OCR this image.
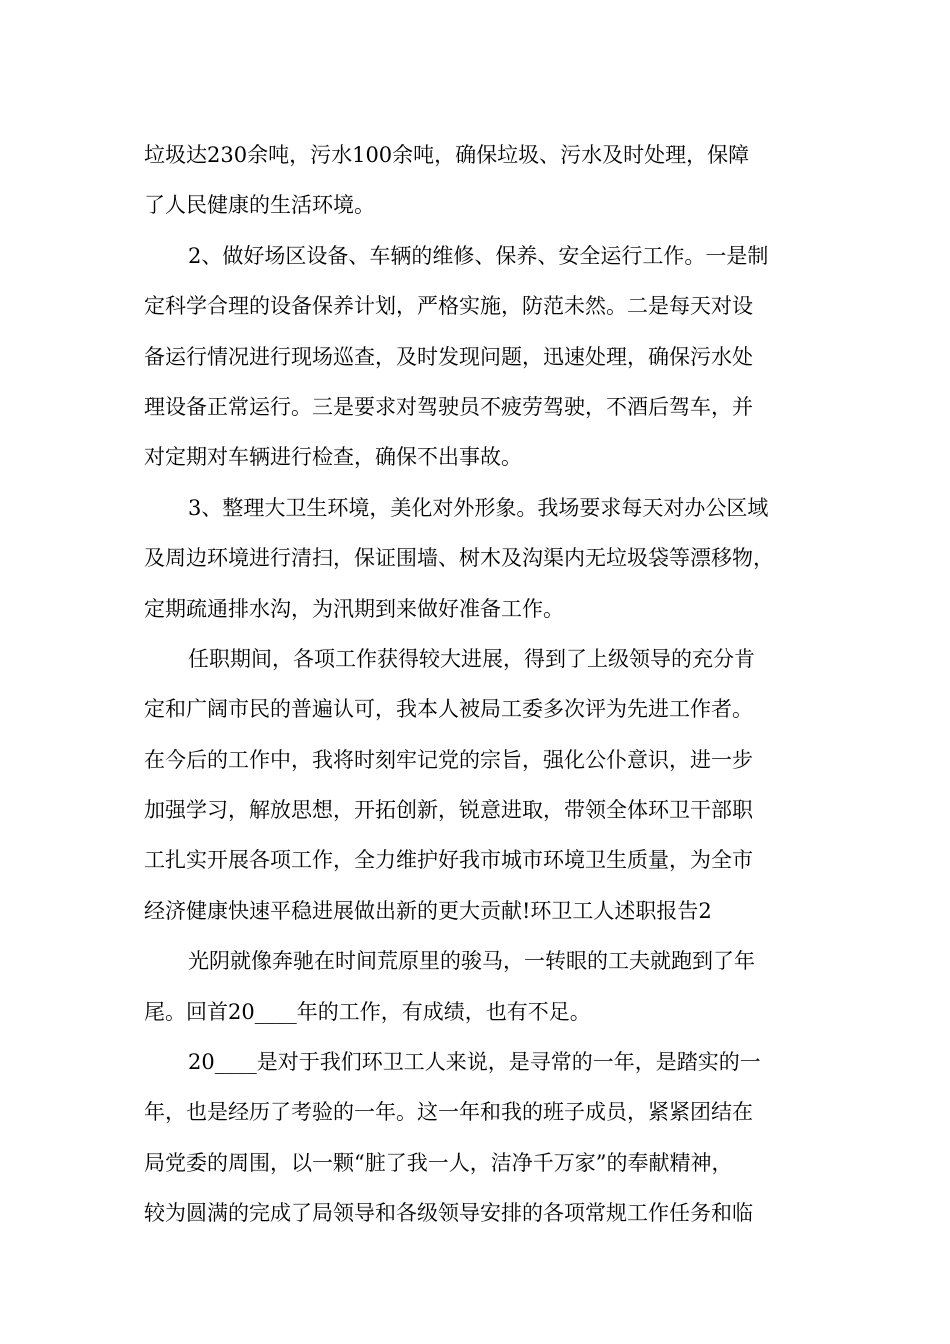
垃圾达230余吨，污水100余吨，确保垃圾、污水及时处理，保障
了人民健康的生活环境。
2、做好场区设备、车辆的维修、保养、安全运行工作。一是制
定科学合理的设备保养计划，严格实施，防范未然。二是每天对设
备运行情况进行现场巡查，及时发现问题，迅速处理，确保污水处
理设备正常运行。三是要求对驾驶员不疲劳驾驶，不酒后驾车，并
对定期对车辆进行检查，确保不出事故。
3、整理大卫生环境，美化对外形象。我场要求每天对办公区域
及周边环境进行清扫，保证围墙、树木及沟渠内无垃圾袋等漂移物，
定期疏通排水沟，为汛期到来做好准备工作。
任职期间，各项工作获得较大进展，得到了上级领导的充分肯
定和广阔市民的普遍认可，我本人被局工委多次评为先进工作者。
在今后的工作中，我将时刻牢记党的宗旨，强化公仆意识，进一步
加强学习，解放思想，开拓创新，锐意进取，带领全体环卫干部职
工扎实开展各项工作，全力维护好我市城市环境卫生质量，为全市
经济健康快速平稳进展做出新的更大贡献!环卫工人述职报告2
光阴就像奔驰在时间荒原里的骏马，一转眼的工夫就跑到了年
尾。回首20____年的工作，有成绩，也有不足。
20____是对于我们环卫工人来说，是寻常的一年，是踏实的一
年，也是经历了考验的一年。这一年和我的班子成员，紧紧团结在
局党委的周围，以一颗“脏了我一人，洁净千万家”的奉献精神，
较为圆满的完成了局领导和各级领导安排的各项常规工作任务和临
